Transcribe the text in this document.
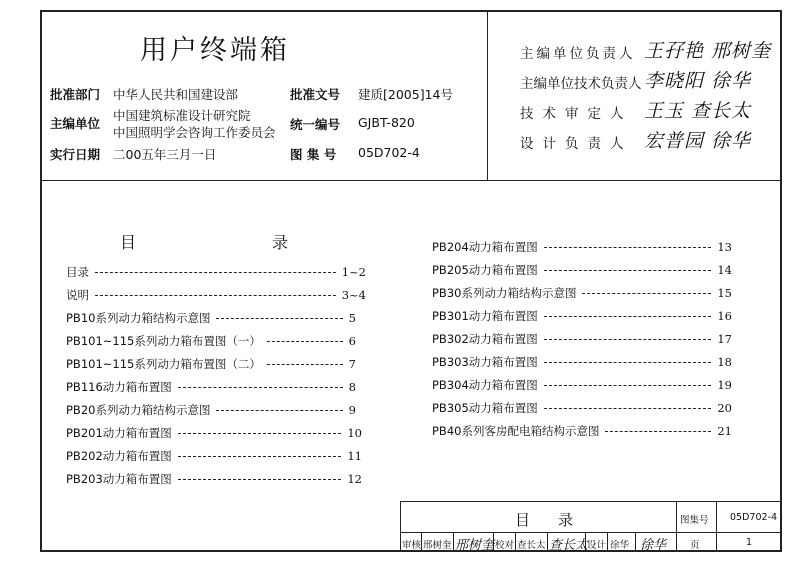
用户终端箱
批准部门 中华人民共和国建设部
主编单位
中国建筑标准设计研究院
中国照明学会咨询工作委员会
实行日期 二00五年三月一日
批准文号 建质[2005]14号
统一编号 GJBT-820
图 集 号 05D702-4
主编单位负责人 王孖艳 邢树奎
主编单位技术负责人 李晓阳 徐华
技术审定人 王玉 查长太
设计负责人 宏普园 徐华
目	录
目录	1~2
说明	3~4
PB10系列动力箱结构示意图	5
PB101~115系列动力箱布置图（一）	6
PB101~115系列动力箱布置图（二）	7
PB116动力箱布置图	8
PB20系列动力箱结构示意图	9
PB201动力箱布置图	10
PB202动力箱布置图	11
PB203动力箱布置图	12
PB204动力箱布置图	13
PB205动力箱布置图	14
PB30系列动力箱结构示意图	15
PB301动力箱布置图	16
PB302动力箱布置图	17
PB303动力箱布置图	18
PB304动力箱布置图	19
PB305动力箱布置图	20
PB40系列客房配电箱结构示意图	21
目 录	图集号 05D702-4
审核 邢树奎 邢树奎 校对 查长太 查长太
设计 徐华 徐华	页	1
